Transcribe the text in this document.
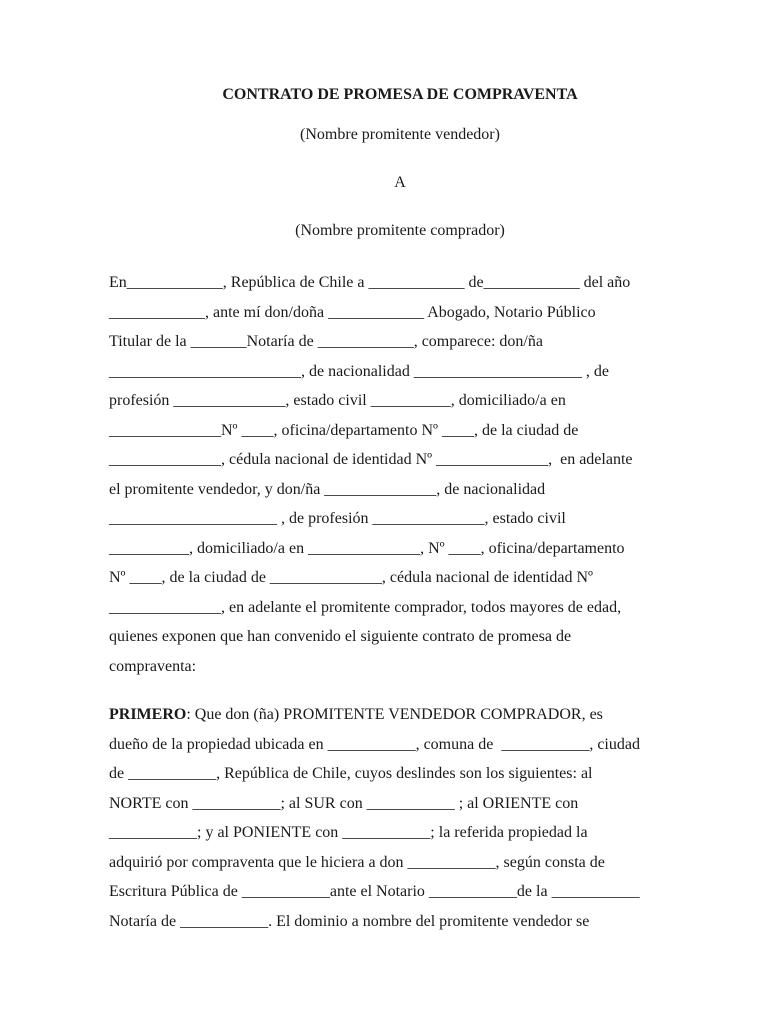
CONTRATO DE PROMESA DE COMPRAVENTA
(Nombre promitente vendedor)
A
(Nombre promitente comprador)
En____________, República de Chile a ____________ de____________ del año
____________, ante mí don/doña ____________ Abogado, Notario Público
Titular de la _______Notaría de ____________, comparece: don/ña
________________________, de nacionalidad _____________________ , de
profesión ______________, estado civil __________, domiciliado/a en
______________Nº ____, oficina/departamento Nº ____, de la ciudad de
______________, cédula nacional de identidad Nº ______________,  en adelante
el promitente vendedor, y don/ña ______________, de nacionalidad
_____________________ , de profesión ______________, estado civil
__________, domiciliado/a en ______________, Nº ____, oficina/departamento
Nº ____, de la ciudad de ______________, cédula nacional de identidad Nº
______________, en adelante el promitente comprador, todos mayores de edad,
quienes exponen que han convenido el siguiente contrato de promesa de
compraventa:
PRIMERO: Que don (ña) PROMITENTE VENDEDOR COMPRADOR, es
dueño de la propiedad ubicada en ___________, comuna de  ___________, ciudad
de ___________, República de Chile, cuyos deslindes son los siguientes: al
NORTE con ___________; al SUR con ___________ ; al ORIENTE con
___________; y al PONIENTE con ___________; la referida propiedad la
adquirió por compraventa que le hiciera a don ___________, según consta de
Escritura Pública de ___________ante el Notario ___________de la ___________
Notaría de ___________. El dominio a nombre del promitente vendedor se
